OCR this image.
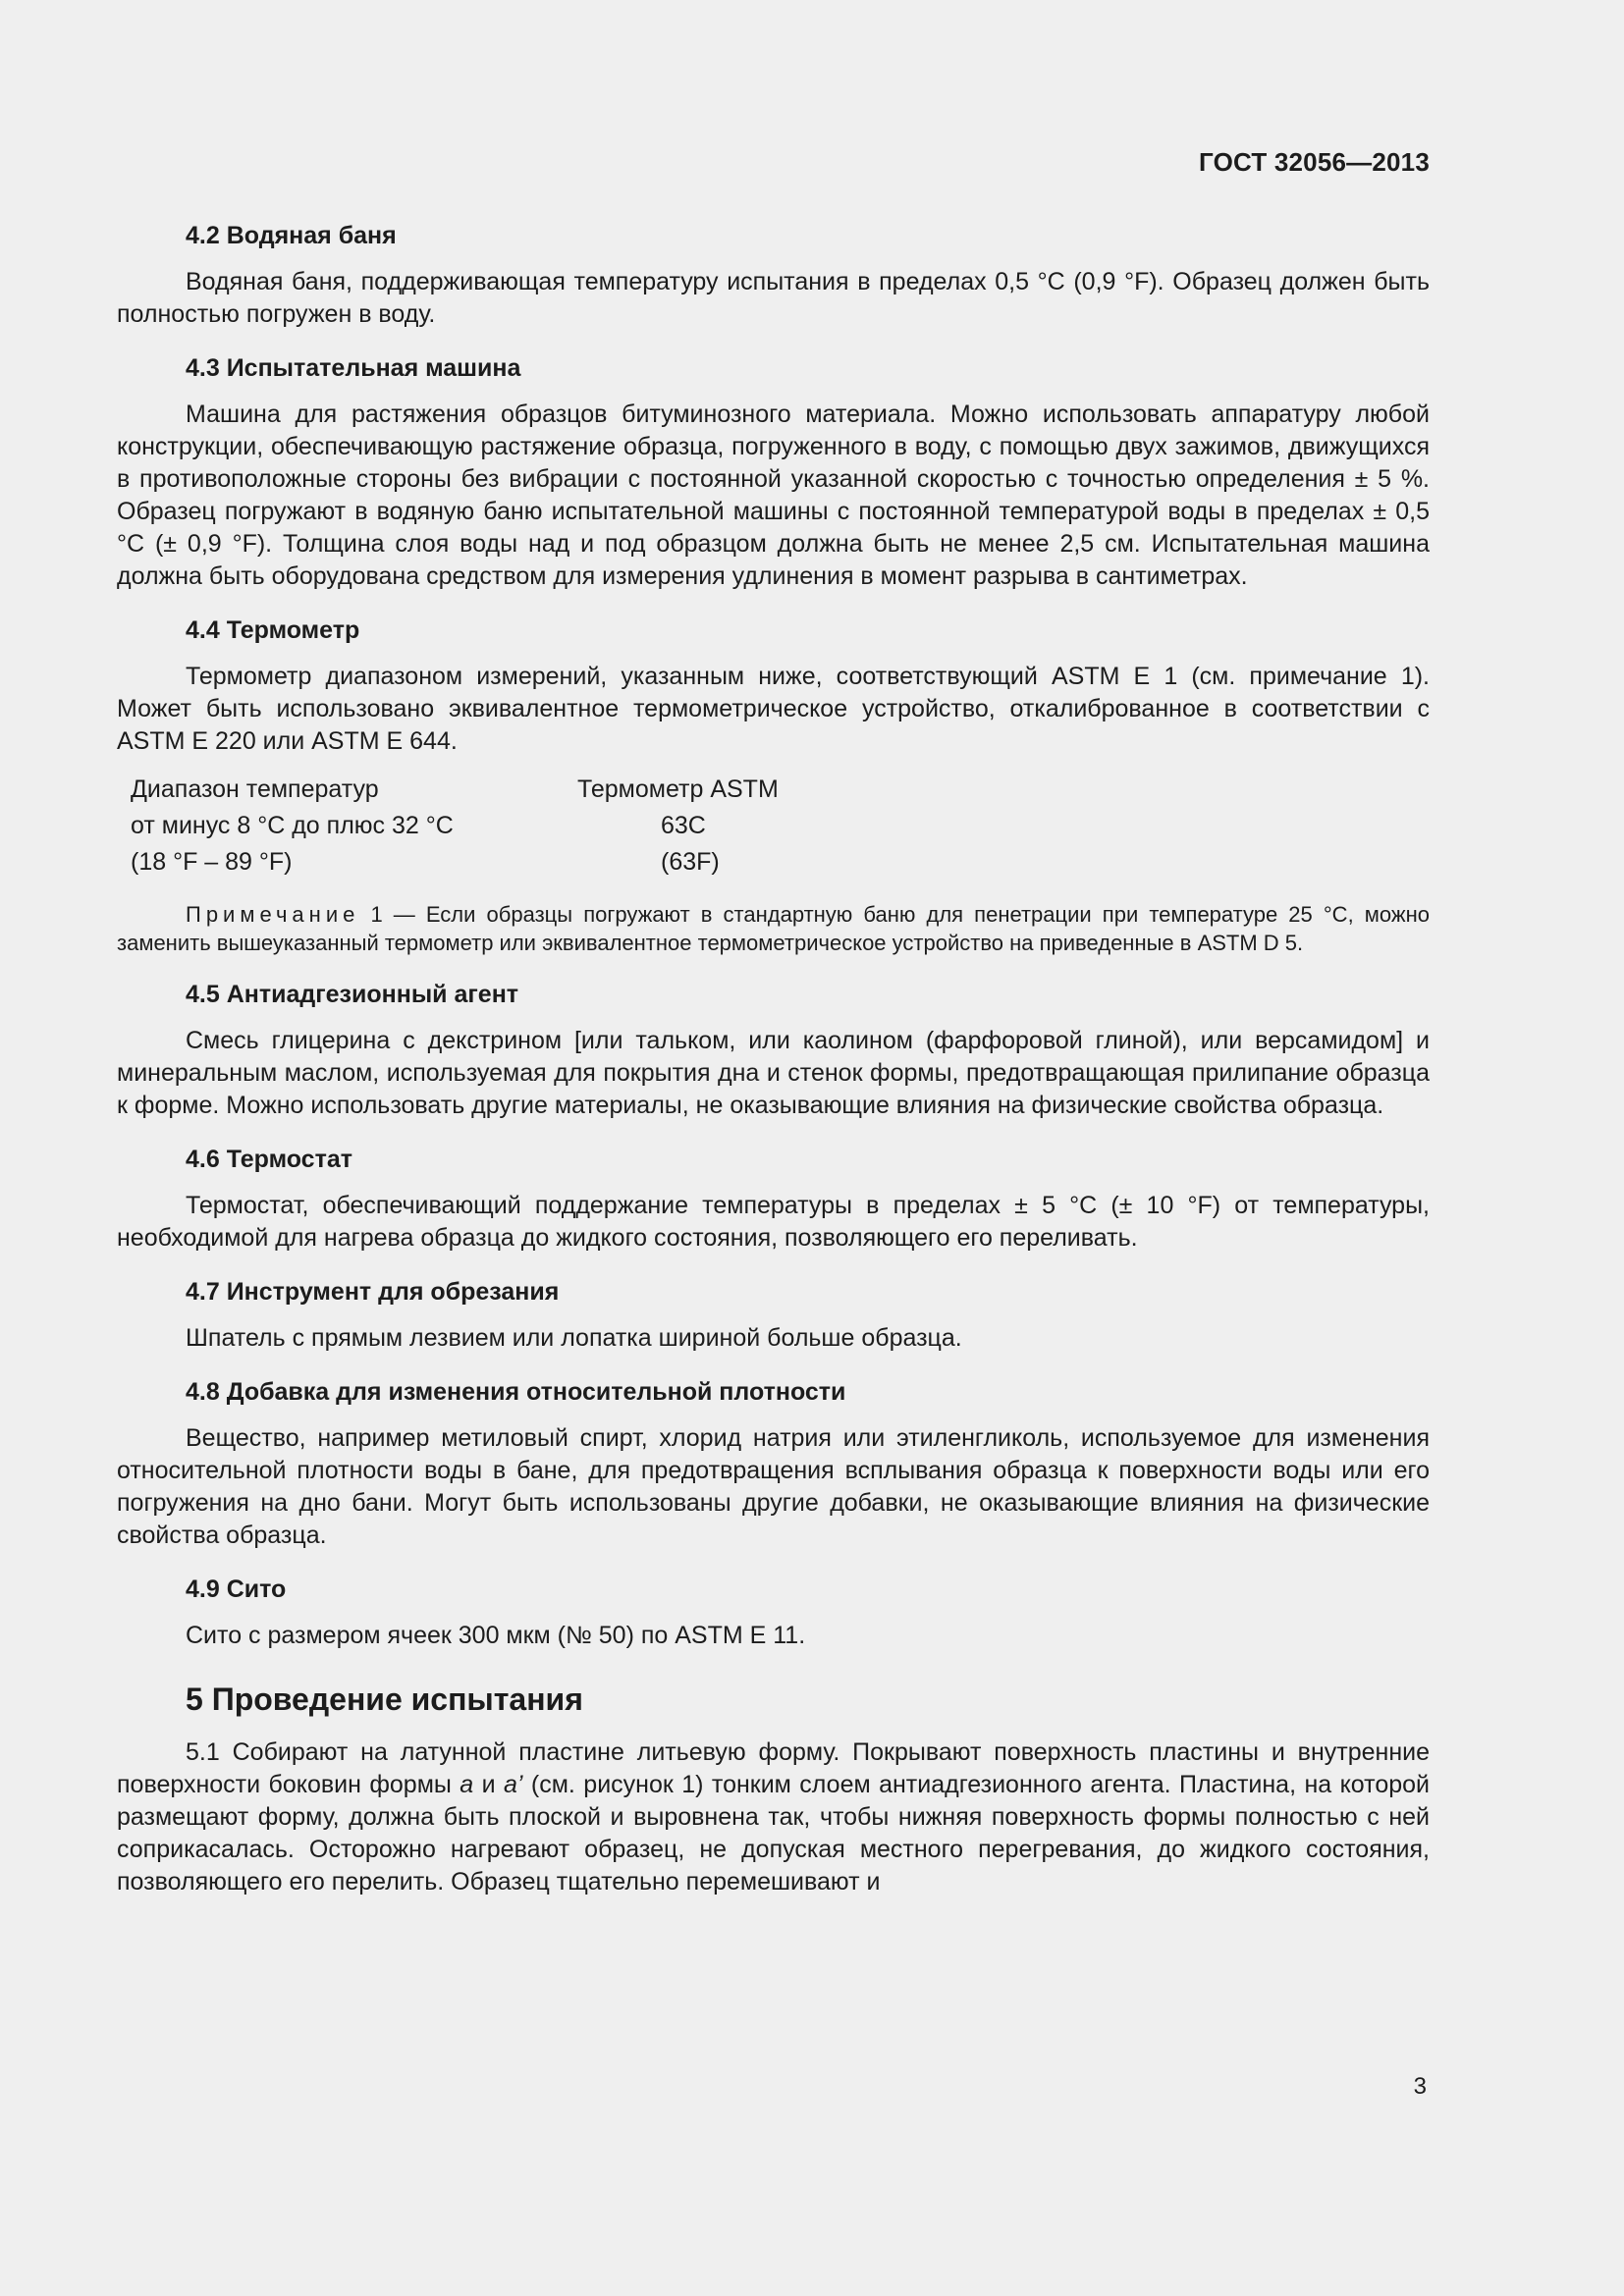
ГОСТ 32056—2013
4.2 Водяная баня
Водяная баня, поддерживающая температуру испытания в пределах 0,5 °С (0,9 °F). Образец должен быть полностью погружен в воду.
4.3 Испытательная машина
Машина для растяжения образцов битуминозного материала. Можно использовать аппаратуру любой конструкции, обеспечивающую растяжение образца, погруженного в воду, с помощью двух зажимов, движущихся в противоположные стороны без вибрации с постоянной указанной скоростью с точностью определения ± 5 %. Образец погружают в водяную баню испытательной машины с постоянной температурой воды в пределах ± 0,5 °С (± 0,9 °F). Толщина слоя воды над и под образцом должна быть не менее 2,5 см. Испытательная машина должна быть оборудована средством для измерения удлинения в момент разрыва в сантиметрах.
4.4 Термометр
Термометр диапазоном измерений, указанным ниже, соответствующий ASTM E 1 (см. примечание 1). Может быть использовано эквивалентное термометрическое устройство, откалиброванное в соответствии с ASTM E 220 или ASTM E 644.
Диапазон температур	Термометр ASTM
от минус 8 °С до плюс 32 °С	63С
(18 °F – 89 °F)	(63F)
Примечание 1 — Если образцы погружают в стандартную баню для пенетрации при температуре 25 °С, можно заменить вышеуказанный термометр или эквивалентное термометрическое устройство на приведенные в ASTM D 5.
4.5 Антиадгезионный агент
Смесь глицерина с декстрином [или тальком, или каолином (фарфоровой глиной), или версамидом] и минеральным маслом, используемая для покрытия дна и стенок формы, предотвращающая прилипание образца к форме. Можно использовать другие материалы, не оказывающие влияния на физические свойства образца.
4.6 Термостат
Термостат, обеспечивающий поддержание температуры в пределах ± 5 °С (± 10 °F) от температуры, необходимой для нагрева образца до жидкого состояния, позволяющего его переливать.
4.7 Инструмент для обрезания
Шпатель с прямым лезвием или лопатка шириной больше образца.
4.8 Добавка для изменения относительной плотности
Вещество, например метиловый спирт, хлорид натрия или этиленгликоль, используемое для изменения относительной плотности воды в бане, для предотвращения всплывания образца к поверхности воды или его погружения на дно бани. Могут быть использованы другие добавки, не оказывающие влияния на физические свойства образца.
4.9 Сито
Сито с размером ячеек 300 мкм (№ 50) по ASTM E 11.
5 Проведение испытания
5.1 Собирают на латунной пластине литьевую форму. Покрывают поверхность пластины и внутренние поверхности боковин формы a и a’ (см. рисунок 1) тонким слоем антиадгезионного агента. Пластина, на которой размещают форму, должна быть плоской и выровнена так, чтобы нижняя поверхность формы полностью с ней соприкасалась. Осторожно нагревают образец, не допуская местного перегревания, до жидкого состояния, позволяющего его перелить. Образец тщательно перемешивают и
3
